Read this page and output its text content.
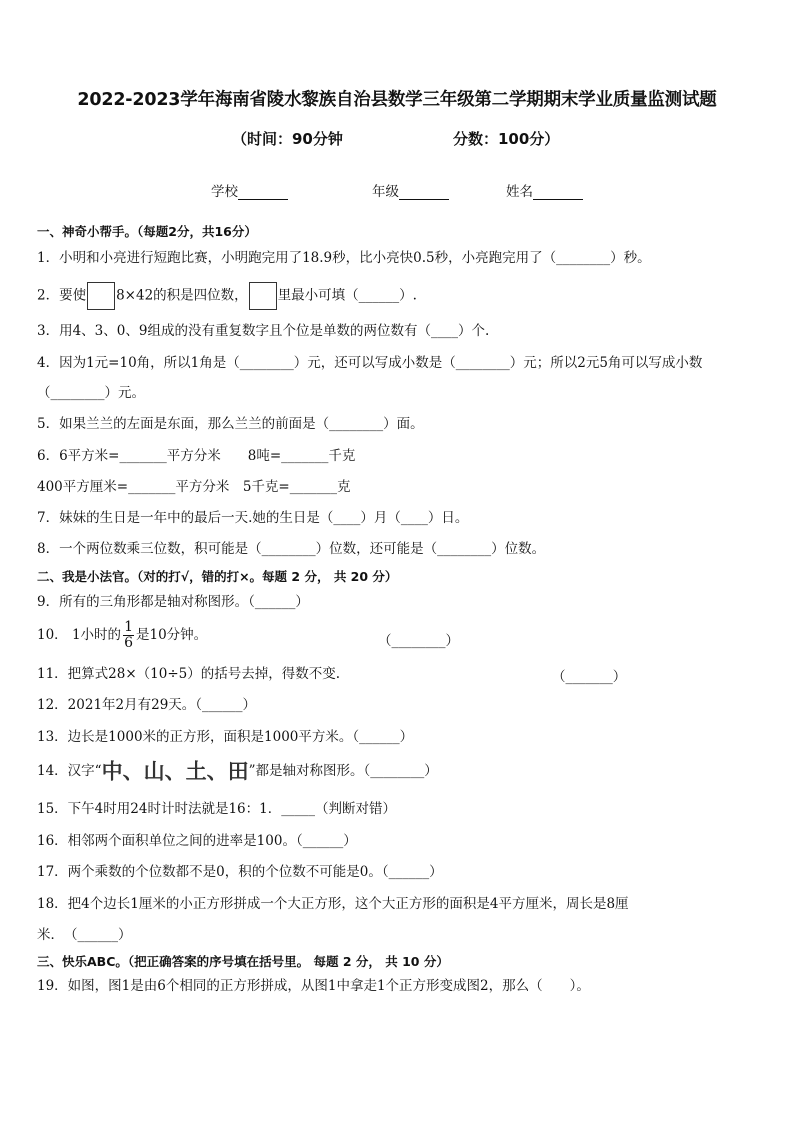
2022-2023学年海南省陵水黎族自治县数学三年级第二学期期末学业质量监测试题
（时间：90分钟	分数：100分）
学校	年级	姓名
一、神奇小帮手。（每题2分，共16分）
1．小明和小亮进行短跑比赛，小明跑完用了18.9秒，比小亮快0.5秒，小亮跑完用了（________）秒。
2．要使 8×42的积是四位数， 里最小可填（______）.
3．用4、3、0、9组成的没有重复数字且个位是单数的两位数有（____）个.
4．因为1元=10角，所以1角是（________）元，还可以写成小数是（________）元；所以2元5角可以写成小数
（________）元。
5．如果兰兰的左面是东面，那么兰兰的前面是（________）面。
6．6平方米=_______平方分米　　8吨=_______千克
400平方厘米=_______平方分米　5千克=_______克
7．妹妹的生日是一年中的最后一天.她的生日是（____）月（____）日。
8．一个两位数乘三位数，积可能是（________）位数，还可能是（________）位数。
二、我是小法官。（对的打√，错的打×。每题 2 分， 共 20 分）
9．所有的三角形都是轴对称图形。（______）
10． 1小时的 $\frac{1}{6}$ 是10分钟。	（________）
11．把算式28×（10÷5）的括号去掉，得数不变.	（_______）
12．2021年2月有29天。（______）
13．边长是1000米的正方形，面积是1000平方米。（______）
14．汉字“中、山、土、田”都是轴对称图形。（________）
15．下午4时用24时计时法就是16：1．_____（判断对错）
16．相邻两个面积单位之间的进率是100。（______）
17．两个乘数的个位数都不是0，积的个位数不可能是0。（______）
18．把4个边长1厘米的小正方形拼成一个大正方形，这个大正方形的面积是4平方厘米，周长是8厘
米．　（______）
三、快乐ABC。（把正确答案的序号填在括号里。 每题 2 分， 共 10 分）
19．如图，图1是由6个相同的正方形拼成，从图1中拿走1个正方形变成图2，那么（　　）。
